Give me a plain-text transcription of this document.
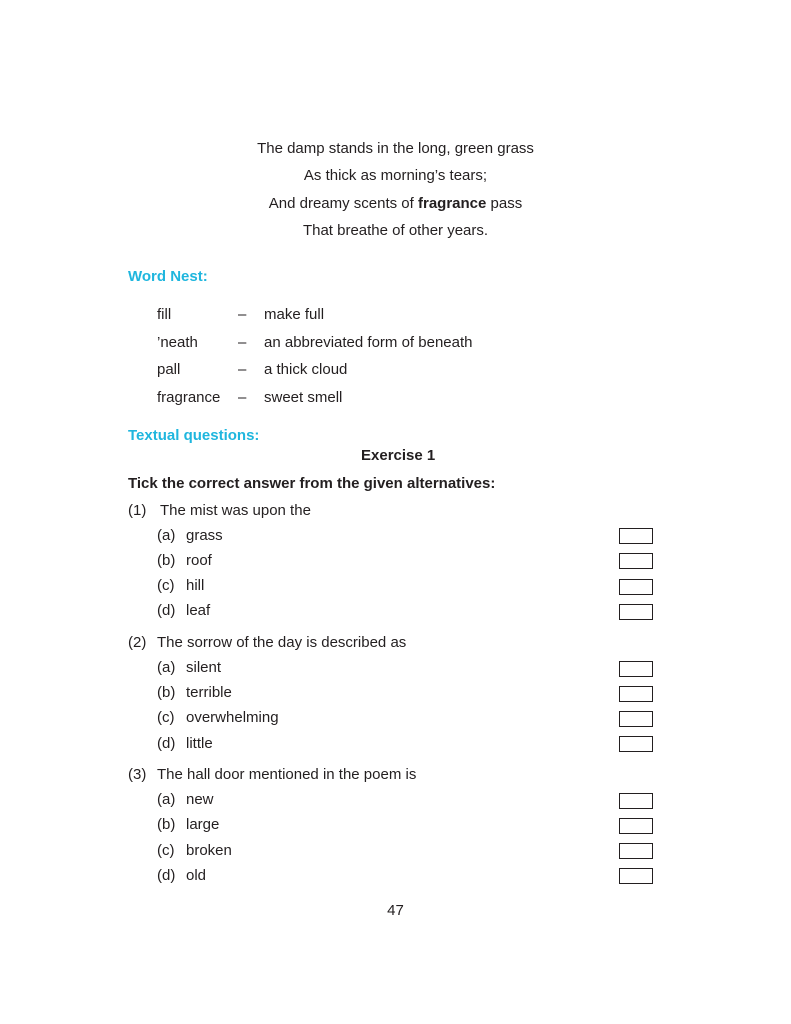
The damp stands in the long, green grass
As thick as morning’s tears;
And dreamy scents of fragrance pass
That breathe of other years.
Word Nest:
fill	– make full
’neath	– an abbreviated form of beneath
pall	– a thick cloud
fragrance – sweet smell
Textual questions:
Exercise 1
Tick the correct answer from the given alternatives:
(1) The mist was upon the
(a) grass
(b) roof
(c) hill
(d) leaf
(2) The sorrow of the day is described as
(a) silent
(b) terrible
(c) overwhelming
(d) little
(3) The hall door mentioned in the poem is
(a) new
(b) large
(c) broken
(d) old
47
